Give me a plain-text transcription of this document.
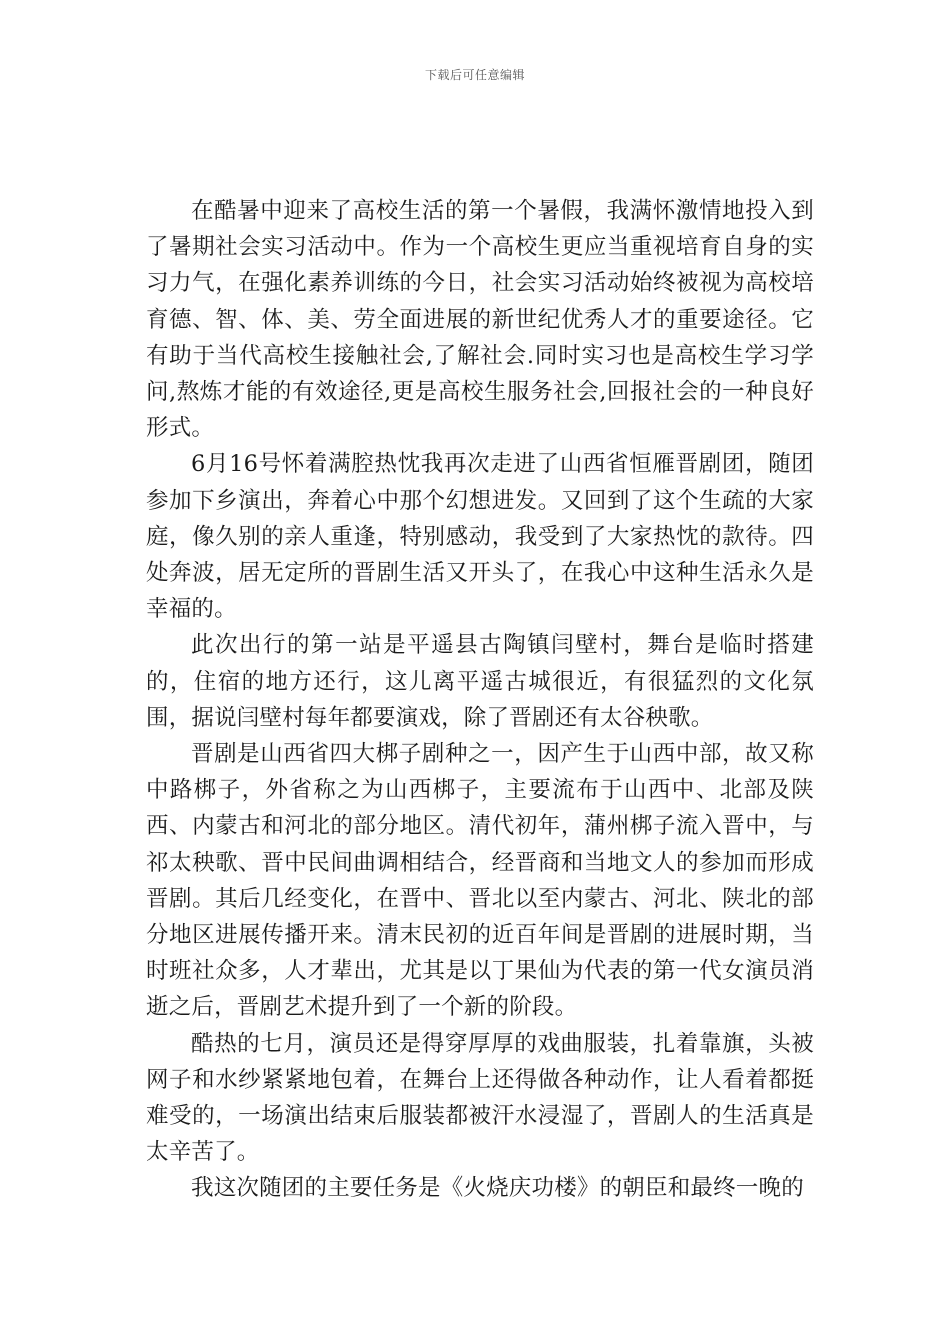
下载后可任意编辑

在酷暑中迎来了高校生活的第一个暑假，我满怀激情地投入到了暑期社会实习活动中。作为一个高校生更应当重视培育自身的实习力气，在强化素养训练的今日，社会实习活动始终被视为高校培育德、智、体、美、劳全面进展的新世纪优秀人才的重要途径。它有助于当代高校生接触社会,了解社会.同时实习也是高校生学习学问,熬炼才能的有效途径,更是高校生服务社会,回报社会的一种良好形式。

6月16号怀着满腔热忱我再次走进了山西省恒雁晋剧团，随团参加下乡演出，奔着心中那个幻想进发。又回到了这个生疏的大家庭，像久别的亲人重逢，特别感动，我受到了大家热忱的款待。四处奔波，居无定所的晋剧生活又开头了，在我心中这种生活永久是幸福的。

此次出行的第一站是平遥县古陶镇闫壁村，舞台是临时搭建的，住宿的地方还行，这儿离平遥古城很近，有很猛烈的文化氛围，据说闫壁村每年都要演戏，除了晋剧还有太谷秧歌。

晋剧是山西省四大梆子剧种之一，因产生于山西中部，故又称中路梆子，外省称之为山西梆子，主要流布于山西中、北部及陕西、内蒙古和河北的部分地区。清代初年，蒲州梆子流入晋中，与祁太秧歌、晋中民间曲调相结合，经晋商和当地文人的参加而形成晋剧。其后几经变化，在晋中、晋北以至内蒙古、河北、陕北的部分地区进展传播开来。清末民初的近百年间是晋剧的进展时期，当时班社众多，人才辈出，尤其是以丁果仙为代表的第一代女演员消逝之后，晋剧艺术提升到了一个新的阶段。

酷热的七月，演员还是得穿厚厚的戏曲服装，扎着靠旗，头被网子和水纱紧紧地包着，在舞台上还得做各种动作，让人看着都挺难受的，一场演出结束后服装都被汗水浸湿了，晋剧人的生活真是太辛苦了。

我这次随团的主要任务是《火烧庆功楼》的朝臣和最终一晚的
